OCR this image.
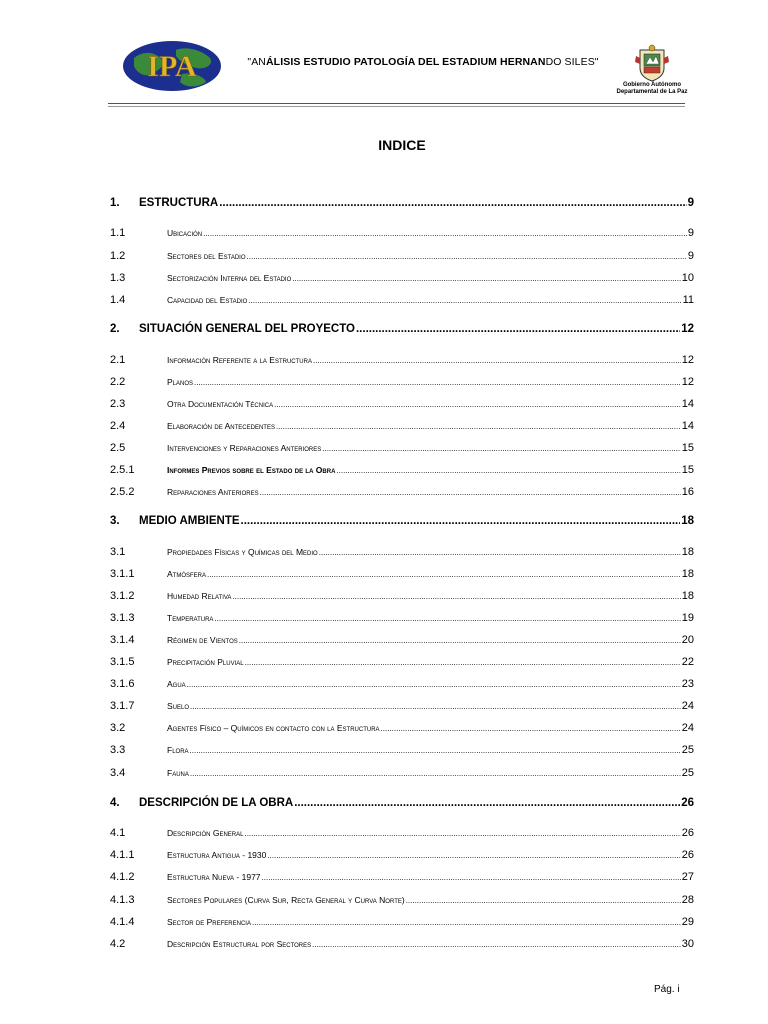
IPA	"ANÁLISIS ESTUDIO PATOLOGÍA DEL ESTADIUM HERNANDO SILES"
Gobierno Autónomo
Departamental de La Paz
INDICE
1.	ESTRUCTURA .....	9
1.1	Ubicación .....	9
1.2	Sectores del Estadio .....	9
1.3	Sectorización Interna del Estadio .....	10
1.4	Capacidad del Estadio .....	11
2.	SITUACIÓN GENERAL DEL PROYECTO .....	12
2.1	Información Referente a la Estructura .....	12
2.2	Planos .....	12
2.3	Otra Documentación Técnica .....	14
2.4	Elaboración de Antecedentes .....	14
2.5	Intervenciones y Reparaciones Anteriores .....	15
2.5.1	Informes Previos sobre el Estado de la Obra .....	15
2.5.2	Reparaciones Anteriores .....	16
3.	MEDIO AMBIENTE .....	18
3.1	Propiedades Físicas y Químicas del Medio .....	18
3.1.1	Atmósfera .....	18
3.1.2	Humedad Relativa .....	18
3.1.3	Temperatura .....	19
3.1.4	Régimen de Vientos .....	20
3.1.5	Precipitación Pluvial .....	22
3.1.6	Agua .....	23
3.1.7	Suelo .....	24
3.2	Agentes Físico – Químicos en contacto con la Estructura .....	24
3.3	Flora .....	25
3.4	Fauna .....	25
4.	DESCRIPCIÓN DE LA OBRA .....	26
4.1	Descripción General .....	26
4.1.1	Estructura Antigua - 1930 .....	26
4.1.2	Estructura Nueva - 1977 .....	27
4.1.3	Sectores Populares (Curva Sur, Recta General y Curva Norte) .....	28
4.1.4	Sector de Preferencia .....	29
4.2	Descripción Estructural por Sectores .....	30
Pág. i
